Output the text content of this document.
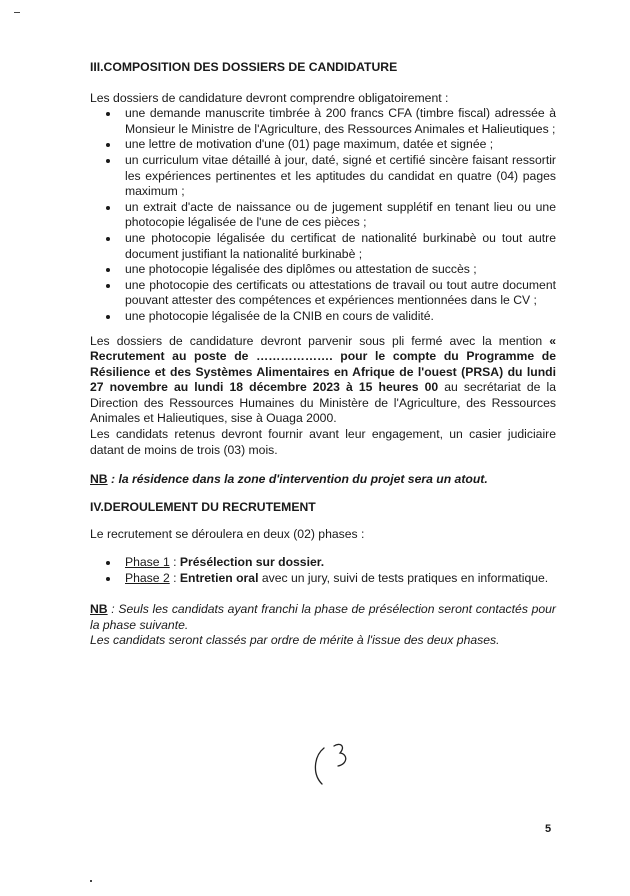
III.COMPOSITION DES DOSSIERS DE CANDIDATURE

Les dossiers de candidature devront comprendre obligatoirement :

une demande manuscrite timbrée à 200 francs CFA (timbre fiscal) adressée à Monsieur le Ministre de l'Agriculture, des Ressources Animales et Halieutiques ;
une lettre de motivation d'une (01) page maximum, datée et signée ;
un curriculum vitae détaillé à jour, daté, signé et certifié sincère faisant ressortir les expériences pertinentes et les aptitudes du candidat en quatre (04) pages maximum ;
un extrait d'acte de naissance ou de jugement supplétif en tenant lieu ou une photocopie légalisée de l'une de ces pièces ;
une photocopie légalisée du certificat de nationalité burkinabè ou tout autre document justifiant la nationalité burkinabè ;
une photocopie légalisée des diplômes ou attestation de succès ;
une photocopie des certificats ou attestations de travail ou tout autre document pouvant attester des compétences et expériences mentionnées dans le CV ;
une photocopie légalisée de la CNIB en cours de validité.

Les dossiers de candidature devront parvenir sous pli fermé avec la mention « Recrutement au poste de ………………. pour le compte du Programme de Résilience et des Systèmes Alimentaires en Afrique de l'ouest (PRSA) du lundi 27 novembre au lundi 18 décembre 2023 à 15 heures 00 au secrétariat de la Direction des Ressources Humaines du Ministère de l'Agriculture, des Ressources Animales et Halieutiques, sise à Ouaga 2000.

Les candidats retenus devront fournir avant leur engagement, un casier judiciaire datant de moins de trois (03) mois.

NB : la résidence dans la zone d'intervention du projet sera un atout.

IV.DEROULEMENT DU RECRUTEMENT

Le recrutement se déroulera en deux (02) phases :

Phase 1 : Présélection sur dossier.
Phase 2 : Entretien oral avec un jury, suivi de tests pratiques en informatique.

NB : Seuls les candidats ayant franchi la phase de présélection seront contactés pour la phase suivante.

Les candidats seront classés par ordre de mérite à l'issue des deux phases.

5
